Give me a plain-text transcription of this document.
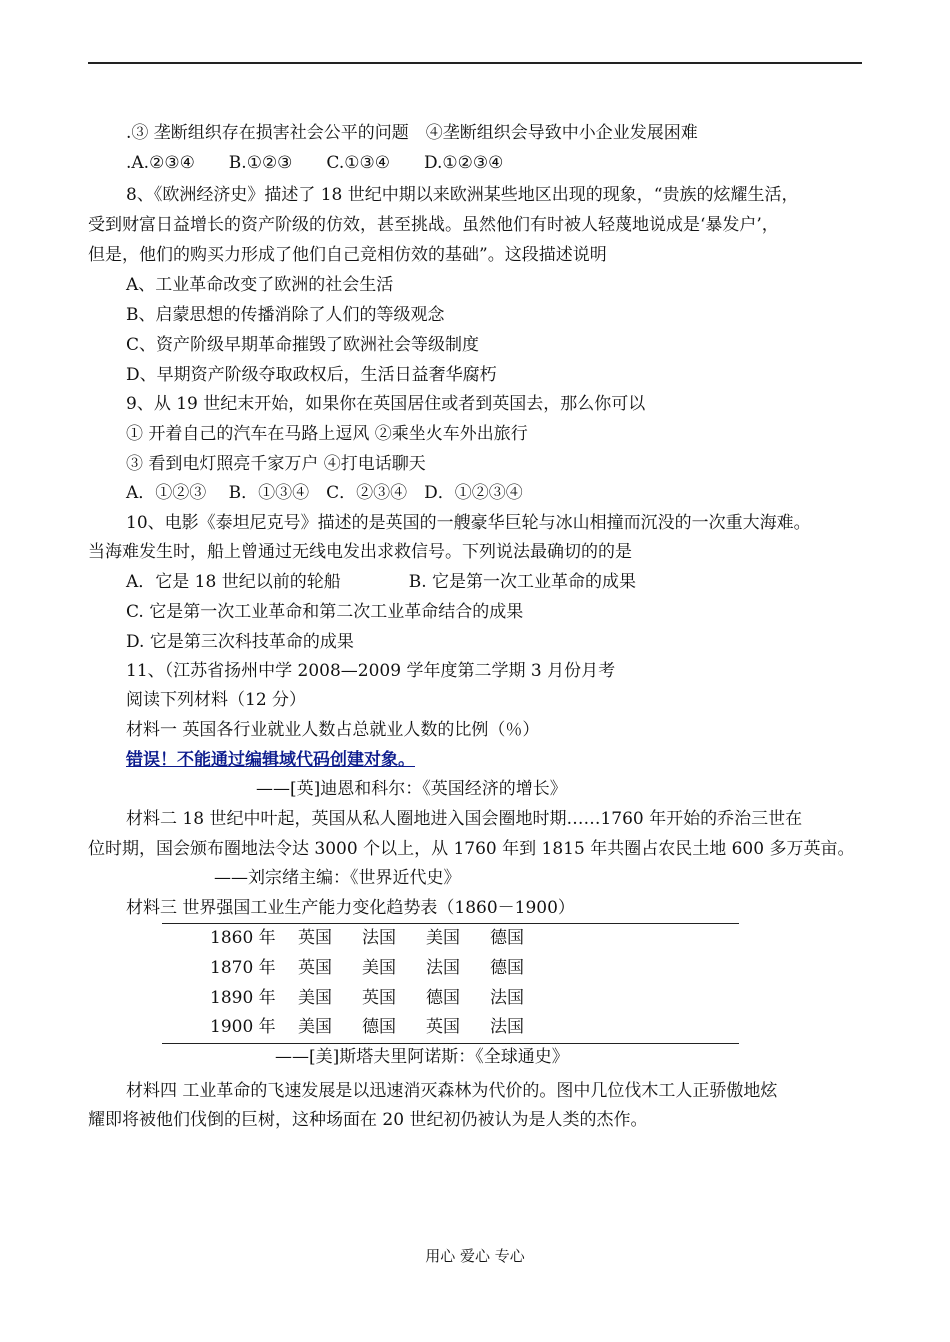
.③ 垄断组织存在损害社会公平的问题　④垄断组织会导致中小企业发展困难
.A.②③④　　B.①②③　　C.①③④　　D.①②③④
8、《欧洲经济史》描述了 18 世纪中期以来欧洲某些地区出现的现象，“贵族的炫耀生活，
受到财富日益增长的资产阶级的仿效，甚至挑战。虽然他们有时被人轻蔑地说成是‘暴发户’，
但是，他们的购买力形成了他们自己竞相仿效的基础”。这段描述说明
A、工业革命改变了欧洲的社会生活
B、启蒙思想的传播消除了人们的等级观念
C、资产阶级早期革命摧毁了欧洲社会等级制度
D、早期资产阶级夺取政权后，生活日益奢华腐朽
9、从 19 世纪末开始，如果你在英国居住或者到英国去，那么你可以
① 开着自己的汽车在马路上逗风 ②乘坐火车外出旅行
③ 看到电灯照亮千家万户 ④打电话聊天
A．①②③　 B．①③④　C．②③④　D．①②③④
10、电影《泰坦尼克号》描述的是英国的一艘豪华巨轮与冰山相撞而沉没的一次重大海难。
当海难发生时，船上曾通过无线电发出求救信号。下列说法最确切的的是
A．它是 18 世纪以前的轮船　　　　B. 它是第一次工业革命的成果
C. 它是第一次工业革命和第二次工业革命结合的成果
D. 它是第三次科技革命的成果
11、（江苏省扬州中学 2008—2009 学年度第二学期 3 月份月考
阅读下列材料（12 分）
材料一 英国各行业就业人数占总就业人数的比例（％）
错误！不能通过编辑域代码创建对象。
——[英]迪恩和科尔：《英国经济的增长》
材料二 18 世纪中叶起，英国从私人圈地进入国会圈地时期……1760 年开始的乔治三世在
位时期，国会颁布圈地法令达 3000 个以上，从 1760 年到 1815 年共圈占农民土地 600 多万英亩。
——刘宗绪主编：《世界近代史》
材料三 世界强国工业生产能力变化趋势表（1860－1900）
1860 年 英国 法国 美国 德国
1870 年 英国 美国 法国 德国
1890 年 美国 英国 德国 法国
1900 年 美国 德国 英国 法国
——[美]斯塔夫里阿诺斯：《全球通史》
材料四 工业革命的飞速发展是以迅速消灭森林为代价的。图中几位伐木工人正骄傲地炫
耀即将被他们伐倒的巨树，这种场面在 20 世纪初仍被认为是人类的杰作。
用心 爱心 专心
